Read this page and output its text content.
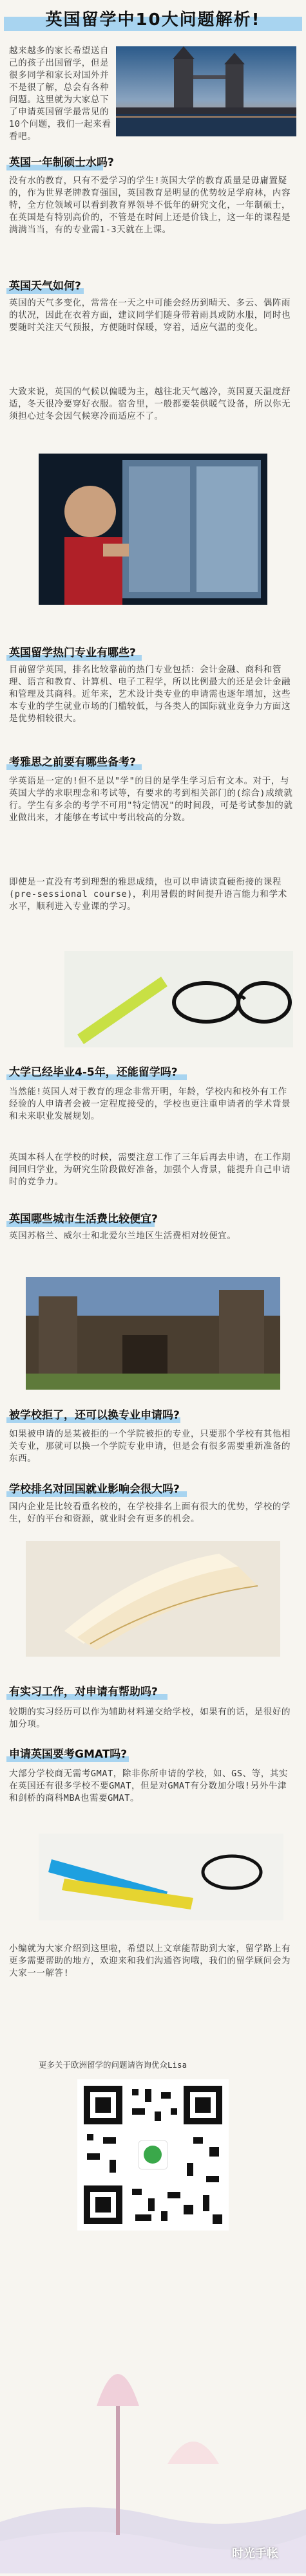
英国留学中10大问题解析!
越来越多的家长希望送自己的孩子出国留学，但是很多同学和家长对国外并不是很了解，总会有各种问题。这里就为大家总下了申请英国留学最常见的10个问题，我们一起来看看吧。
英国一年制硕士水吗?
没有水的教育，只有不爱学习的学生!英国大学的教育质量是毋庸置疑的，作为世界老牌教育强国，英国教育是明显的优势较足学府林，内容特，全方位领域可以看到教育界领导不低年的研究文化，一年制硕士，在英国是有特别高价的，不管是在时间上还是价钱上，这一年的课程是满满当当，有的专业需1-3天就在上课。
英国天气如何?
英国的天气多变化，常常在一天之中可能会经历到晴天、多云、偶阵雨的状况，因此在衣着方面，建议同学们随身带着雨具或防水服，同时也要随时关注天气预报，方便随时保暖，穿着，适应气温的变化。
大致来说，英国的气候以偏暖为主，越往北天气越冷，英国夏天温度舒适，冬天很冷要穿好衣服。宿舍里，一般都要装供暖气设备，所以你无须担心过冬会因气候寒冷而适应不了。
英国留学热门专业有哪些?
目前留学英国，排名比较靠前的热门专业包括：会计金融、商科和管理、语言和教育、计算机、电子工程学，所以比例最大的还是会计金融和管理及其商科。近年来，艺术设计类专业的申请需也逐年增加，这些本专业的学生就业市场的门槛较低，与各类人的国际就业竞争力方面这是优势相较很大。
考雅思之前要有哪些备考?
学英语是一定的!但不是以"学"的目的是学生学习后有文本。对于，与英国大学的求职理念和考试等，有要求的考到相关部门的(综合)成绩就行。学生有多余的考学不可用"特定情况"的时间段，可是考试参加的就业做出来，才能够在考试中考出较高的分数。
即使是一直没有考到理想的雅思成绩，也可以申请读直硬衔接的课程(pre-sessional course)，利用暑假的时间提升语言能力和学术水平，顺利进入专业课的学习。
大学已经毕业4-5年，还能留学吗?
当然能!英国人对于教育的理念非常开明，年龄，学校内和校外有工作经验的人申请者会被一定程度接受的，学校也更注重申请者的学术背景和未来职业发展规划。
英国本科人在学校的时候，需要注意工作了三年后再去申请，在工作期间回归学业，为研究生阶段做好准备，加强个人背景，能提升自己申请时的竞争力。
英国哪些城市生活费比较便宜?
英国苏格兰、威尔士和北爱尔兰地区生活费相对较便宜。
被学校拒了，还可以换专业申请吗?
如果被申请的是某被拒的一个学院被拒的专业，只要那个学校有其他相关专业，那就可以换一个学院专业申请，但是会有很多需要重新准备的东西。
学校排名对回国就业影响会很大吗?
国内企业是比较看重名校的，在学校排名上面有很大的优势，学校的学生，好的平台和资源，就业时会有更多的机会。
有实习工作，对申请有帮助吗?
较期的实习经历可以作为辅助材料递交给学校，如果有的话，是很好的加分项。
申请英国要考GMAT吗?
大部分学校商无需考GMAT，除非你所申请的学校，如、GS、等，其实在英国还有很多学校不要GMAT，但是对GMAT有分数加分哦!另外牛津和剑桥的商科MBA也需要GMAT。
小编就为大家介绍到这里啦，希望以上文章能帮助到大家，留学路上有更多需要帮助的地方，欢迎来和我们沟通咨询哦，我们的留学顾问会为大家一一解答!
更多关于欧洲留学的问题请咨询优众Lisa
时光手帐
